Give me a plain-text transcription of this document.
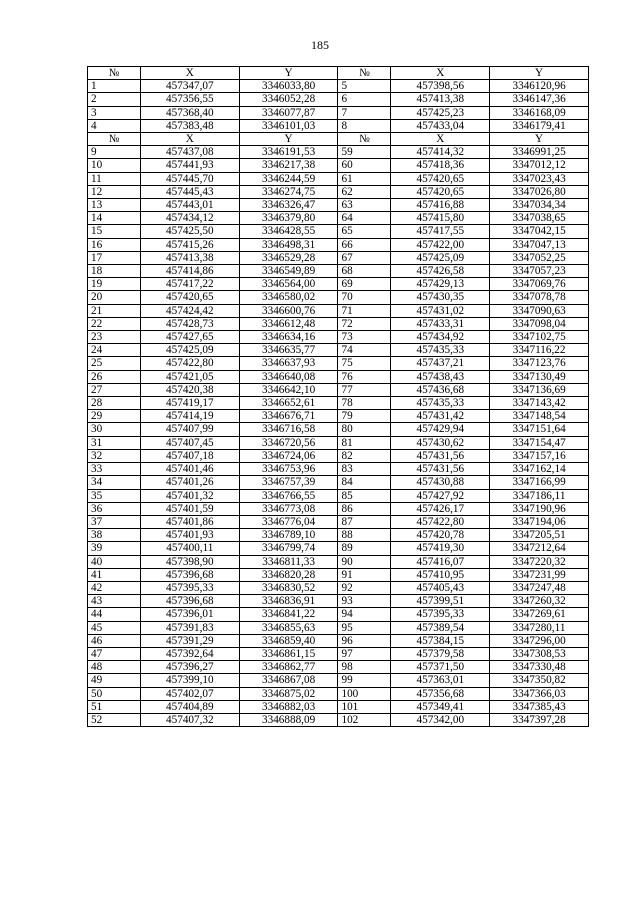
185
№	X	Y	№	X	Y
1	457347,07	3346033,80	5	457398,56	3346120,96
2	457356,55	3346052,28	6	457413,38	3346147,36
3	457368,40	3346077,87	7	457425,23	3346168,09
4	457383,48	3346101,03	8	457433,04	3346179,41
№	X	Y	№	X	Y
9	457437,08	3346191,53	59	457414,32	3346991,25
10	457441,93	3346217,38	60	457418,36	3347012,12
11	457445,70	3346244,59	61	457420,65	3347023,43
12	457445,43	3346274,75	62	457420,65	3347026,80
13	457443,01	3346326,47	63	457416,88	3347034,34
14	457434,12	3346379,80	64	457415,80	3347038,65
15	457425,50	3346428,55	65	457417,55	3347042,15
16	457415,26	3346498,31	66	457422,00	3347047,13
17	457413,38	3346529,28	67	457425,09	3347052,25
18	457414,86	3346549,89	68	457426,58	3347057,23
19	457417,22	3346564,00	69	457429,13	3347069,76
20	457420,65	3346580,02	70	457430,35	3347078,78
21	457424,42	3346600,76	71	457431,02	3347090,63
22	457428,73	3346612,48	72	457433,31	3347098,04
23	457427,65	3346634,16	73	457434,92	3347102,75
24	457425,09	3346635,77	74	457435,33	3347116,22
25	457422,80	3346637,93	75	457437,21	3347123,76
26	457421,05	3346640,08	76	457438,43	3347130,49
27	457420,38	3346642,10	77	457436,68	3347136,69
28	457419,17	3346652,61	78	457435,33	3347143,42
29	457414,19	3346676,71	79	457431,42	3347148,54
30	457407,99	3346716,58	80	457429,94	3347151,64
31	457407,45	3346720,56	81	457430,62	3347154,47
32	457407,18	3346724,06	82	457431,56	3347157,16
33	457401,46	3346753,96	83	457431,56	3347162,14
34	457401,26	3346757,39	84	457430,88	3347166,99
35	457401,32	3346766,55	85	457427,92	3347186,11
36	457401,59	3346773,08	86	457426,17	3347190,96
37	457401,86	3346776,04	87	457422,80	3347194,06
38	457401,93	3346789,10	88	457420,78	3347205,51
39	457400,11	3346799,74	89	457419,30	3347212,64
40	457398,90	3346811,33	90	457416,07	3347220,32
41	457396,68	3346820,28	91	457410,95	3347231,99
42	457395,33	3346830,52	92	457405,43	3347247,48
43	457396,68	3346836,91	93	457399,51	3347260,32
44	457396,01	3346841,22	94	457395,33	3347269,61
45	457391,83	3346855,63	95	457389,54	3347280,11
46	457391,29	3346859,40	96	457384,15	3347296,00
47	457392,64	3346861,15	97	457379,58	3347308,53
48	457396,27	3346862,77	98	457371,50	3347330,48
49	457399,10	3346867,08	99	457363,01	3347350,82
50	457402,07	3346875,02	100	457356,68	3347366,03
51	457404,89	3346882,03	101	457349,41	3347385,43
52	457407,32	3346888,09	102	457342,00	3347397,28
